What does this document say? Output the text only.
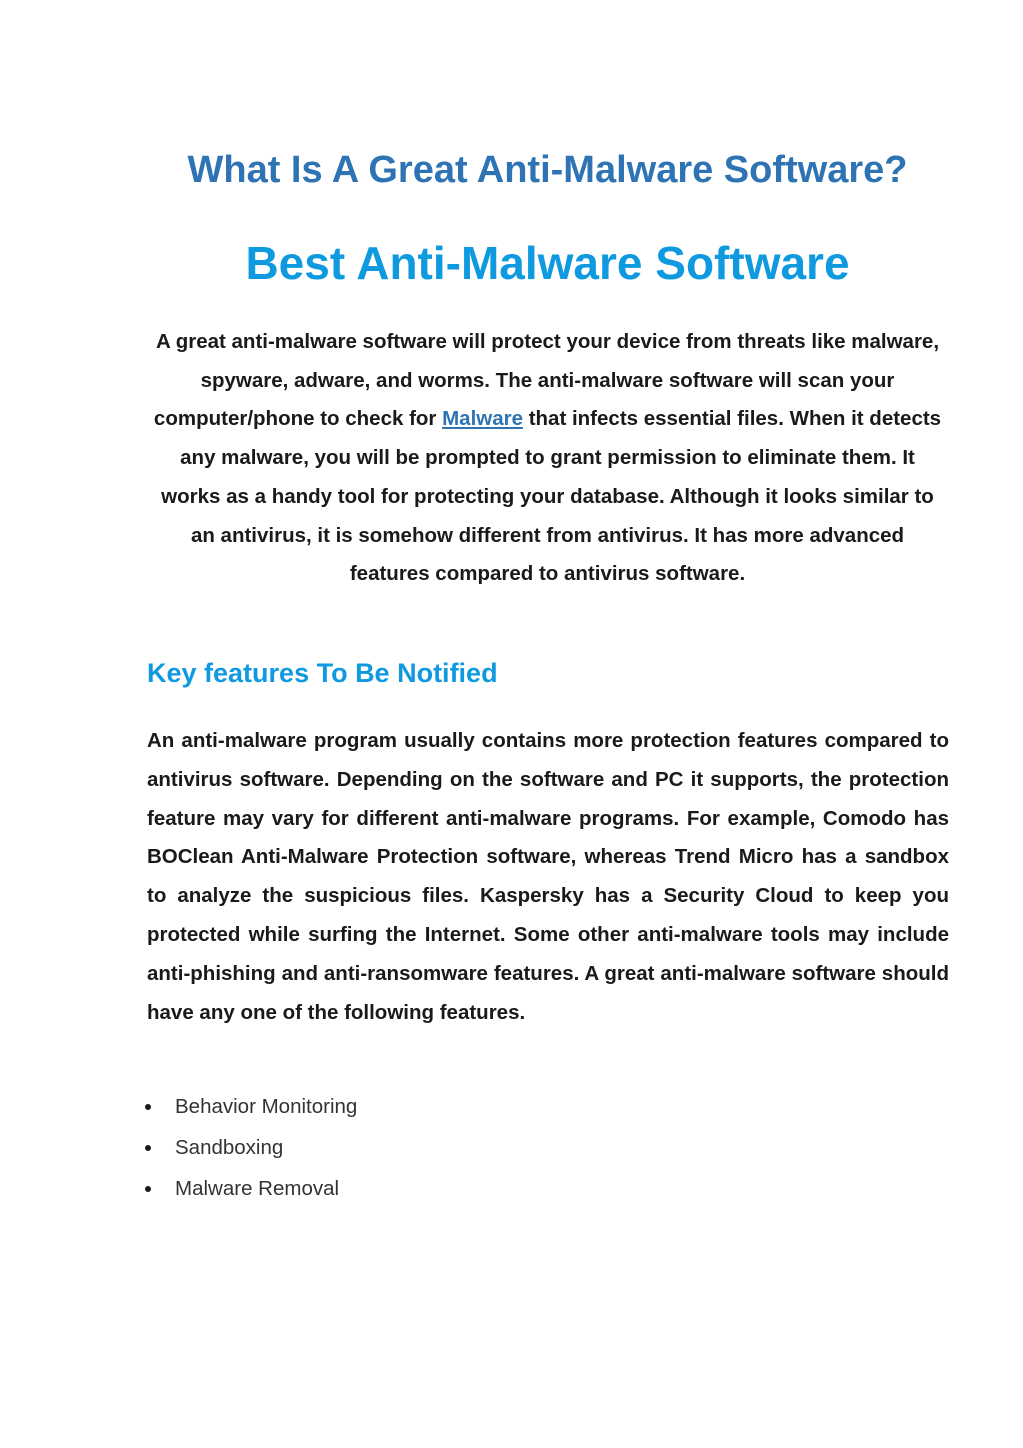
What Is A Great Anti-Malware Software?
Best Anti-Malware Software

A great anti-malware software will protect your device from threats like malware, spyware, adware, and worms. The anti-malware software will scan your computer/phone to check for Malware that infects essential files. When it detects any malware, you will be prompted to grant permission to eliminate them. It works as a handy tool for protecting your database. Although it looks similar to an antivirus, it is somehow different from antivirus. It has more advanced features compared to antivirus software.

Key features To Be Notified

An anti-malware program usually contains more protection features compared to antivirus software. Depending on the software and PC it supports, the protection feature may vary for different anti-malware programs. For example, Comodo has BOClean Anti-Malware Protection software, whereas Trend Micro has a sandbox to analyze the suspicious files. Kaspersky has a Security Cloud to keep you protected while surfing the Internet. Some other anti-malware tools may include anti-phishing and anti-ransomware features. A great anti-malware software should have any one of the following features.

Behavior Monitoring
Sandboxing
Malware Removal
